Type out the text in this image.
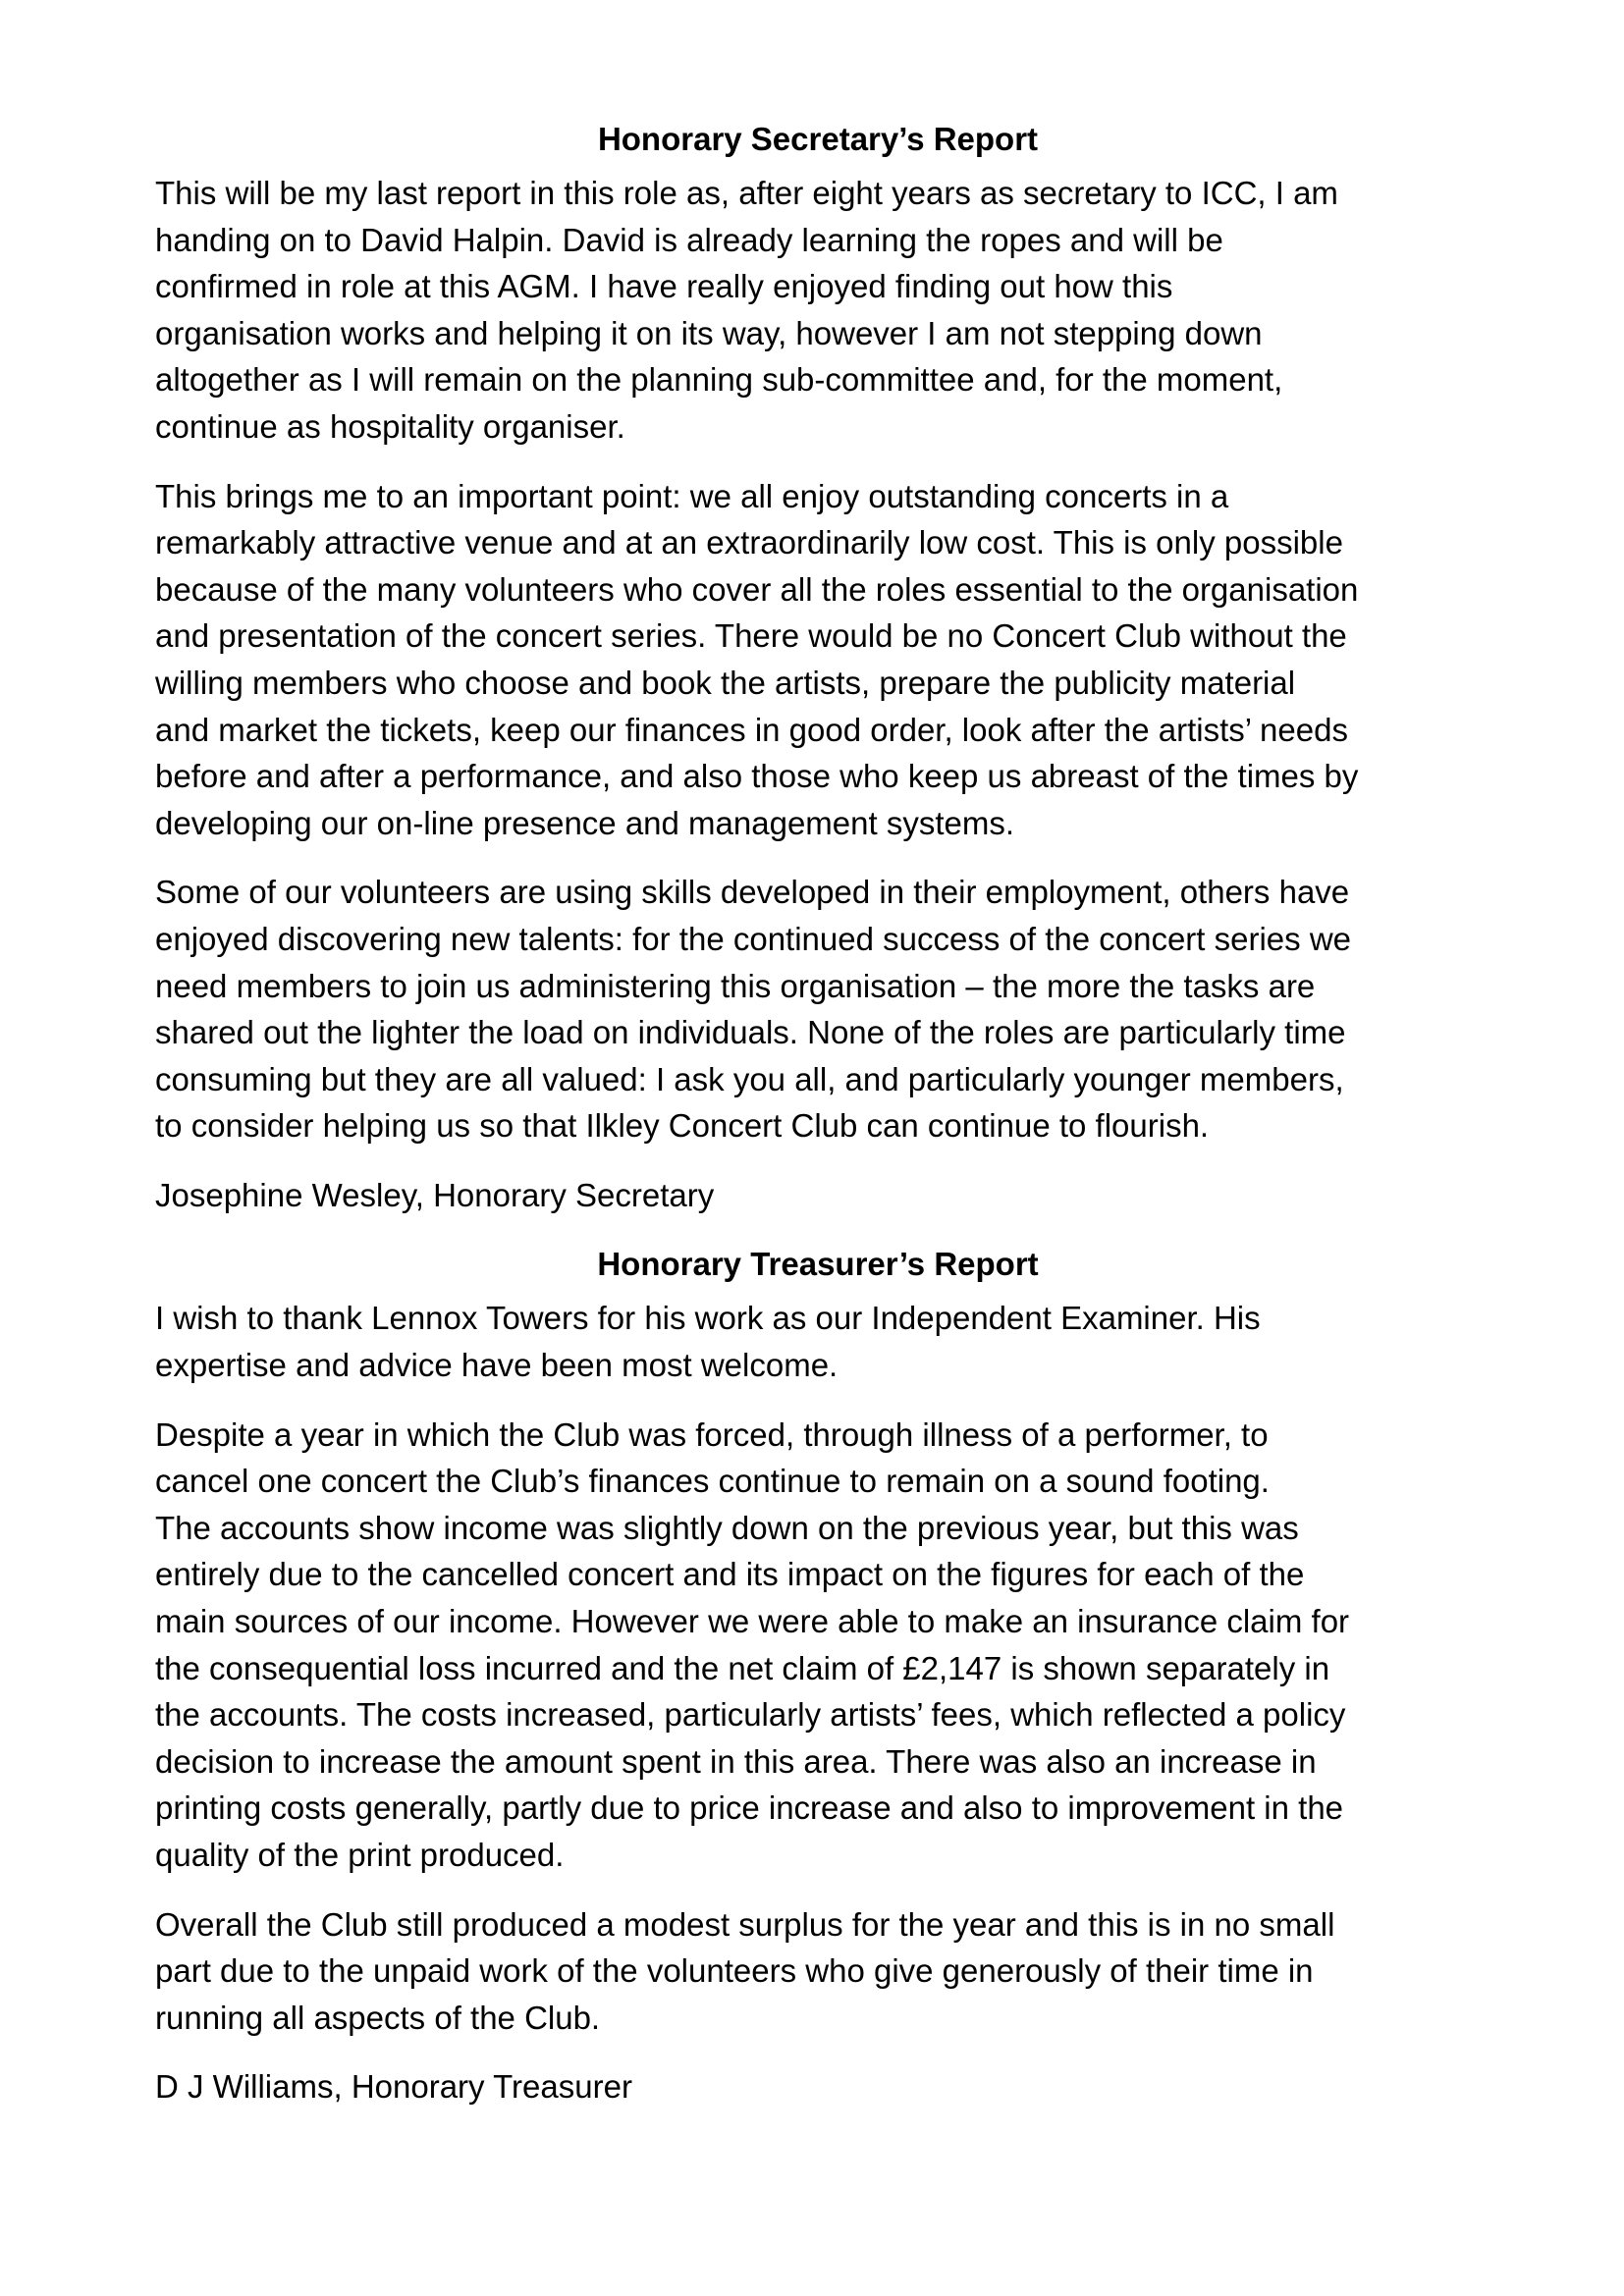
Honorary Secretary’s Report
This will be my last report in this role as, after eight years as secretary to ICC, I am
handing on to David Halpin. David is already learning the ropes and will be
confirmed in role at this AGM. I have really enjoyed finding out how this
organisation works and helping it on its way, however I am not stepping down
altogether as I will remain on the planning sub-committee and, for the moment,
continue as hospitality organiser.
This brings me to an important point: we all enjoy outstanding concerts in a
remarkably attractive venue and at an extraordinarily low cost. This is only possible
because of the many volunteers who cover all the roles essential to the organisation
and presentation of the concert series. There would be no Concert Club without the
willing members who choose and book the artists, prepare the publicity material
and market the tickets, keep our finances in good order, look after the artists’ needs
before and after a performance, and also those who keep us abreast of the times by
developing our on-line presence and management systems.
Some of our volunteers are using skills developed in their employment, others have
enjoyed discovering new talents: for the continued success of the concert series we
need members to join us administering this organisation – the more the tasks are
shared out the lighter the load on individuals. None of the roles are particularly time
consuming but they are all valued: I ask you all, and particularly younger members,
to consider helping us so that Ilkley Concert Club can continue to flourish.
Josephine Wesley, Honorary Secretary
Honorary Treasurer’s Report
I wish to thank Lennox Towers for his work as our Independent Examiner. His
expertise and advice have been most welcome.
Despite a year in which the Club was forced, through illness of a performer, to
cancel one concert the Club’s finances continue to remain on a sound footing.
The accounts show income was slightly down on the previous year, but this was
entirely due to the cancelled concert and its impact on the figures for each of the
main sources of our income. However we were able to make an insurance claim for
the consequential loss incurred and the net claim of £2,147 is shown separately in
the accounts. The costs increased, particularly artists’ fees, which reflected a policy
decision to increase the amount spent in this area. There was also an increase in
printing costs generally, partly due to price increase and also to improvement in the
quality of the print produced.
Overall the Club still produced a modest surplus for the year and this is in no small
part due to the unpaid work of the volunteers who give generously of their time in
running all aspects of the Club.
D J Williams, Honorary Treasurer
